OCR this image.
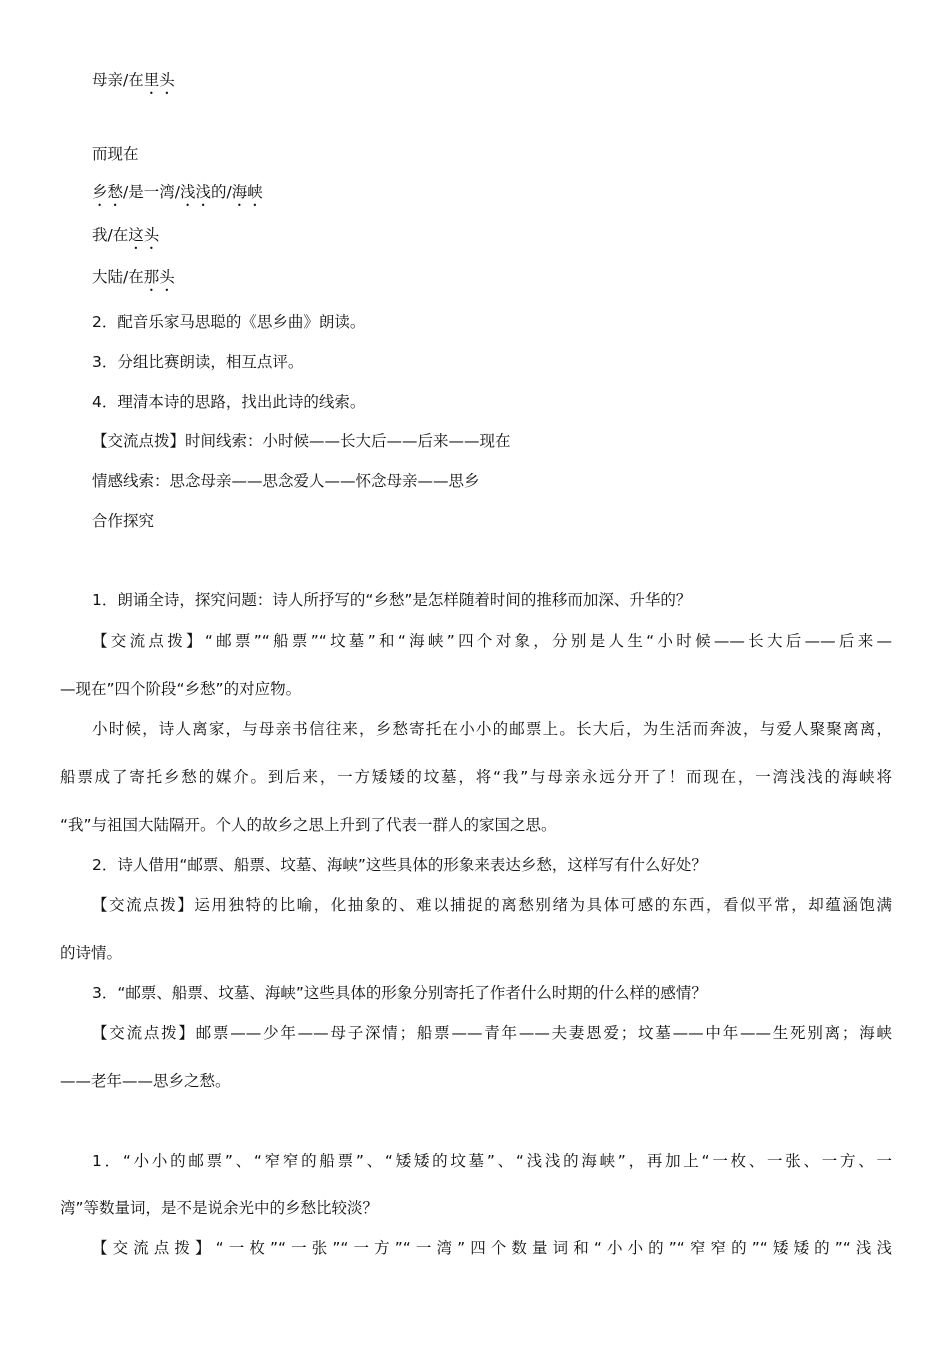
母亲/在里头
而现在
乡愁/是一湾/浅浅的/海峡
我/在这头
大陆/在那头
2．配音乐家马思聪的《思乡曲》朗读。
3．分组比赛朗读，相互点评。
4．理清本诗的思路，找出此诗的线索。
【交流点拨】时间线索：小时候——长大后——后来——现在
情感线索：思念母亲——思念爱人——怀念母亲——思乡
合作探究
1．朗诵全诗，探究问题：诗人所抒写的“乡愁”是怎样随着时间的推移而加深、升华的？
【交流点拨】“邮票”“船票”“坟墓”和“海峡”四个对象，分别是人生“小时候——长大后——后来—
—现在”四个阶段“乡愁”的对应物。
小时候，诗人离家，与母亲书信往来，乡愁寄托在小小的邮票上。长大后，为生活而奔波，与爱人聚聚离离，
船票成了寄托乡愁的媒介。到后来，一方矮矮的坟墓，将“我”与母亲永远分开了！而现在，一湾浅浅的海峡将
“我”与祖国大陆隔开。个人的故乡之思上升到了代表一群人的家国之思。
2．诗人借用“邮票、船票、坟墓、海峡”这些具体的形象来表达乡愁，这样写有什么好处？
【交流点拨】运用独特的比喻，化抽象的、难以捕捉的离愁别绪为具体可感的东西，看似平常，却蕴涵饱满
的诗情。
3．“邮票、船票、坟墓、海峡”这些具体的形象分别寄托了作者什么时期的什么样的感情？
【交流点拨】邮票——少年——母子深情；船票——青年——夫妻恩爱；坟墓——中年——生死别离；海峡
——老年——思乡之愁。
1．“小小的邮票”、“窄窄的船票”、“矮矮的坟墓”、“浅浅的海峡”，再加上“一枚、一张、一方、一
湾”等数量词，是不是说余光中的乡愁比较淡？
【交流点拨】“一枚”“一张”“一方”“一湾”四个数量词和“小小的”“窄窄的”“矮矮的”“浅浅
